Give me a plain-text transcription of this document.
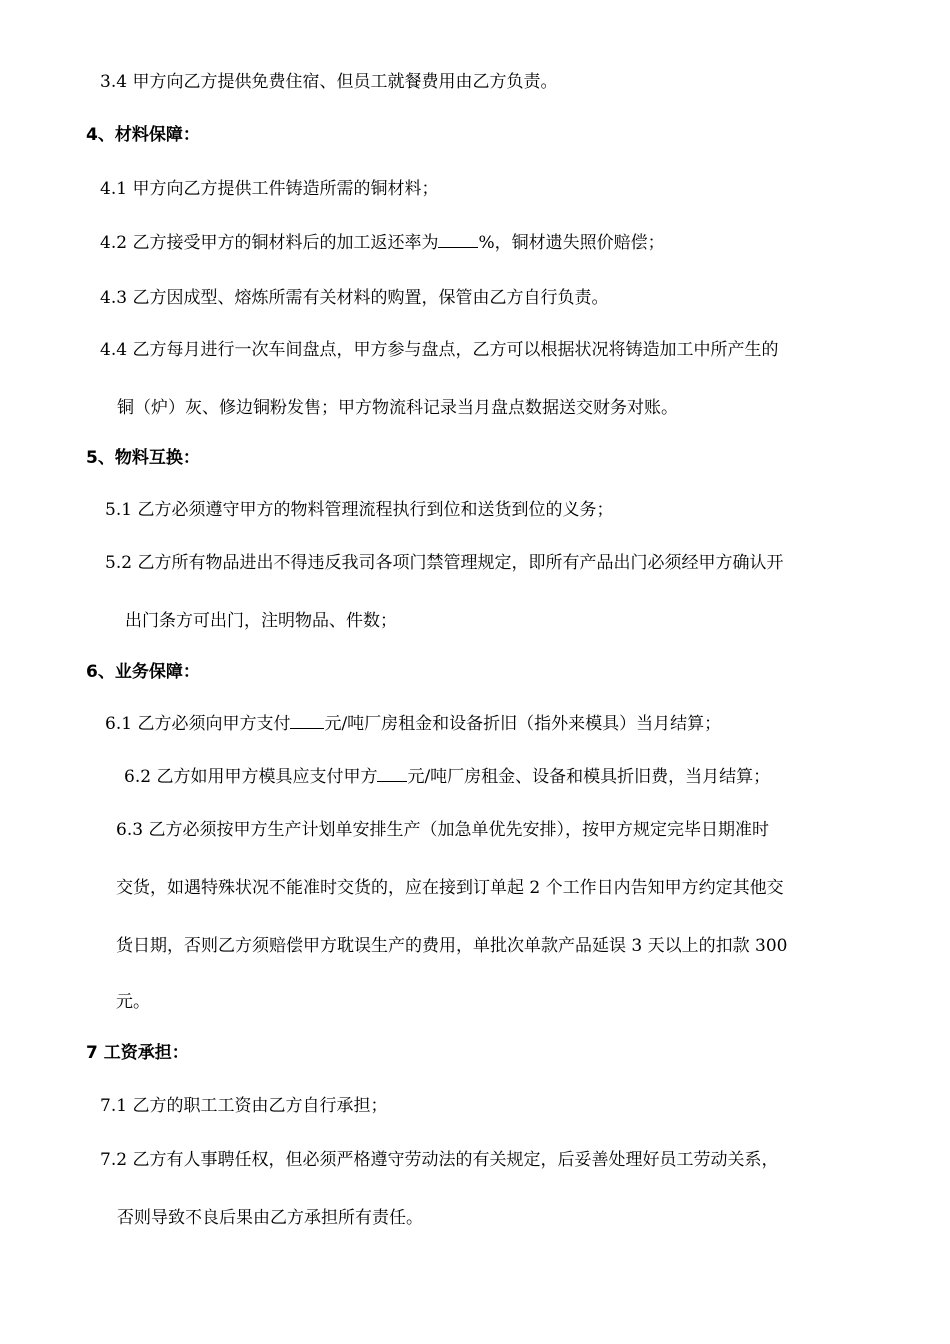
3.4 甲方向乙方提供免费住宿、但员工就餐费用由乙方负责。
4、材料保障：
4.1 甲方向乙方提供工件铸造所需的铜材料；
4.2 乙方接受甲方的铜材料后的加工返还率为 %，铜材遗失照价赔偿；
4.3 乙方因成型、熔炼所需有关材料的购置，保管由乙方自行负责。
4.4 乙方每月进行一次车间盘点，甲方参与盘点，乙方可以根据状况将铸造加工中所产生的
铜（炉）灰、修边铜粉发售；甲方物流科记录当月盘点数据送交财务对账。
5、物料互换：
5.1 乙方必须遵守甲方的物料管理流程执行到位和送货到位的义务；
5.2 乙方所有物品进出不得违反我司各项门禁管理规定，即所有产品出门必须经甲方确认开
出门条方可出门，注明物品、件数；
6、业务保障：
6.1 乙方必须向甲方支付 元/吨厂房租金和设备折旧（指外来模具）当月结算；
6.2 乙方如用甲方模具应支付甲方 元/吨厂房租金、设备和模具折旧费，当月结算；
6.3 乙方必须按甲方生产计划单安排生产（加急单优先安排），按甲方规定完毕日期准时
交货，如遇特殊状况不能准时交货的，应在接到订单起 2 个工作日内告知甲方约定其他交
货日期，否则乙方须赔偿甲方耽误生产的费用，单批次单款产品延误 3 天以上的扣款 300
元。
7 工资承担：
7.1 乙方的职工工资由乙方自行承担；
7.2 乙方有人事聘任权，但必须严格遵守劳动法的有关规定，后妥善处理好员工劳动关系，
否则导致不良后果由乙方承担所有责任。
